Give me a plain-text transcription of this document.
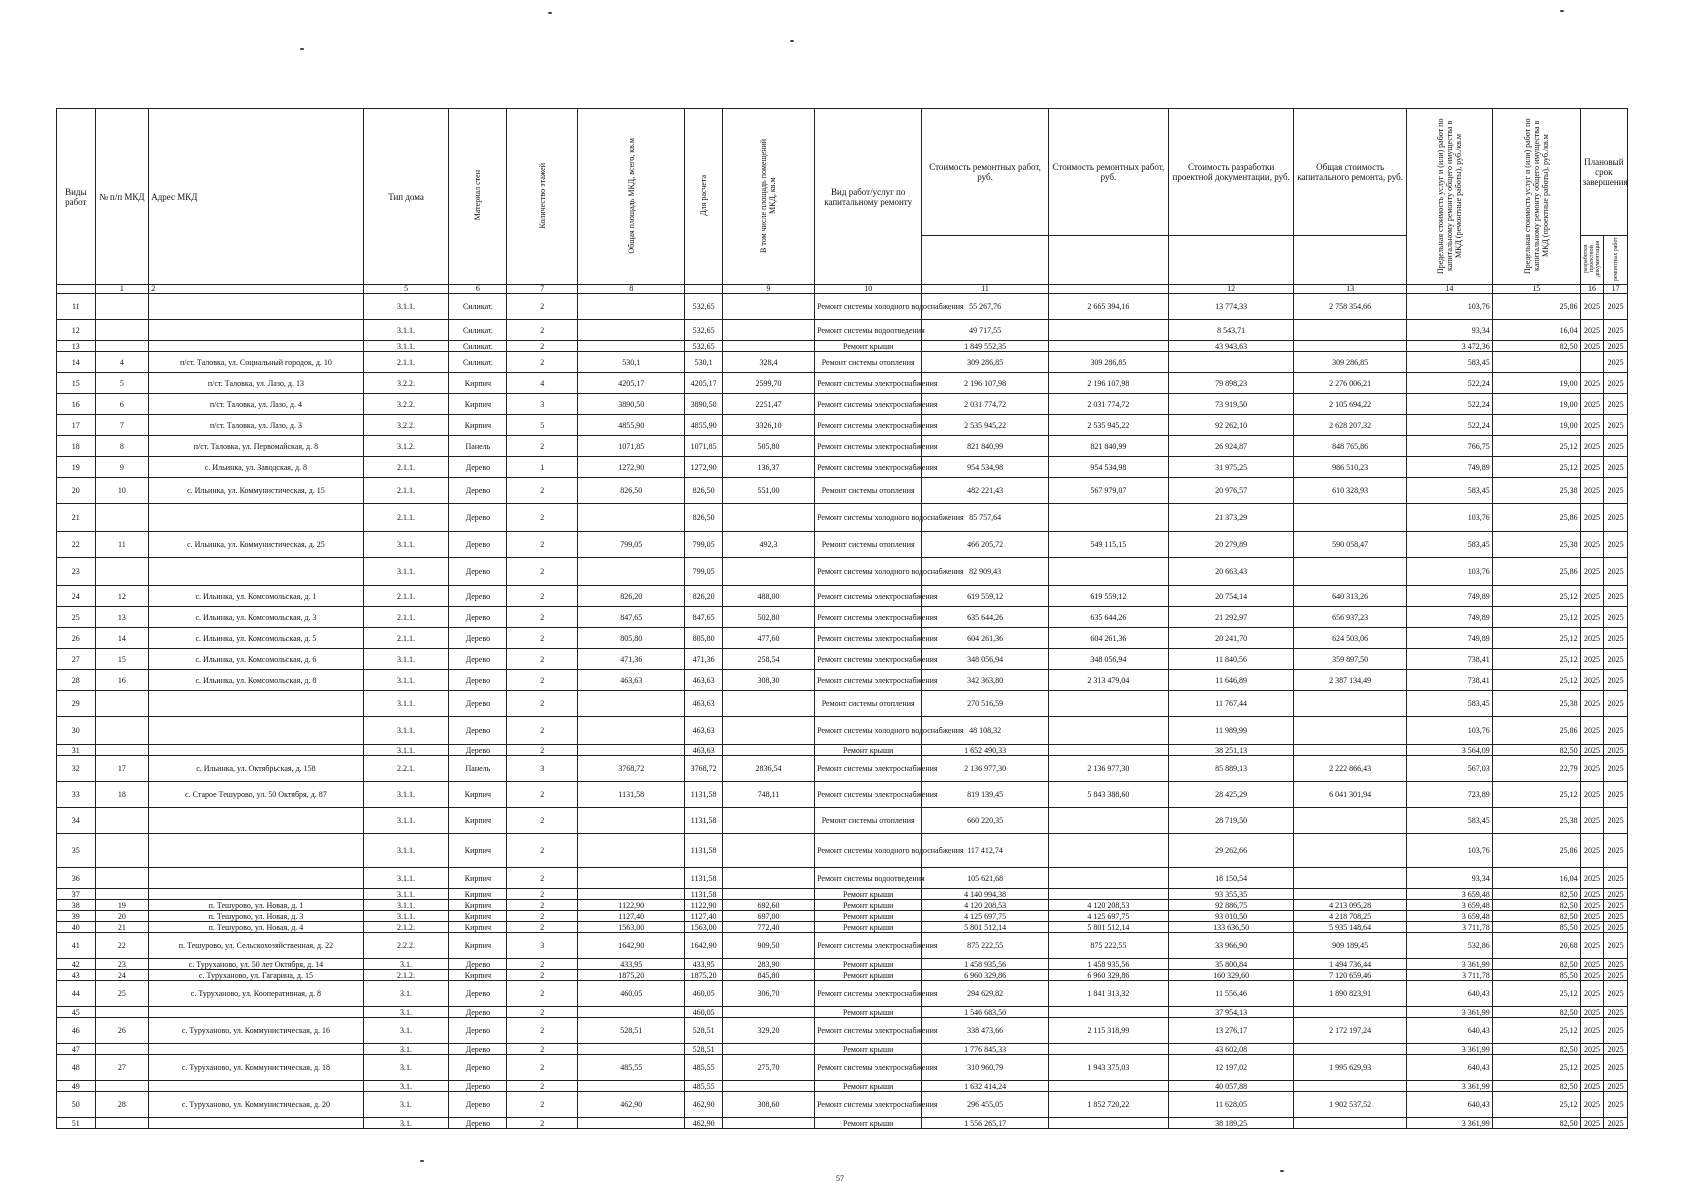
Виды работ	№ п/п МКД	Адрес МКД	Тип дома	Материал стен	Количество этажей	Общая площадь МКД, всего, кв.м	Для расчета	В том числе площадь помещений МКД, кв.м	Вид работ/услуг по капитальному ремонту	Стоимость ремонтных работ, руб.	Стоимость ремонтных работ, руб.	Стоимость разработки проектной документации, руб.	Общая стоимость капитального ремонта, руб.	Предельная стоимость услуг и (или) работ по капитальному ремонту общего имущества в МКД (ремонтные работы), руб./кв.м	Предельная стоимость услуг и (или) работ по капитальному ремонту общего имущества в МКД (проектные работы), руб./кв.м	Плановый срок завершения	
																разработки проектной документации	ремонтных работ
	1	2	5	6	7	8		9	10	11		12	13	14	15	16	17
11			3.1.1.	Силикат.	2		532,65		Ремонт системы холодного водоснабжения	55 267,76	2 665 394,16	13 774,33	2 758 354,66	103,76	25,86	2025	2025
12			3.1.1.	Силикат.	2		532,65		Ремонт системы водоотведения	49 717,55		8 543,71		93,34	16,04	2025	2025
13			3.1.1.	Силикат.	2		532,65		Ремонт крыши	1 849 552,35		43 943,63		3 472,36	82,50	2025	2025
14	4	п/ст. Таловка, ул. Социальный городок, д. 10	2.1.1.	Силикат.	2	530,1	530,1	328,4	Ремонт системы отопления	309 286,85	309 286,85		309 286,85	583,45			2025
15	5	п/ст. Таловка, ул. Лазо, д. 13	3.2.2.	Кирпич	4	4205,17	4205,17	2599,70	Ремонт системы электроснабжения	2 196 107,98	2 196 107,98	79 898,23	2 276 006,21	522,24	19,00	2025	2025
16	6	п/ст. Таловка, ул. Лазо, д. 4	3.2.2.	Кирпич	3	3890,50	3890,50	2251,47	Ремонт системы электроснабжения	2 031 774,72	2 031 774,72	73 919,50	2 105 694,22	522,24	19,00	2025	2025
17	7	п/ст. Таловка, ул. Лазо, д. 3	3.2.2.	Кирпич	5	4855,90	4855,90	3326,10	Ремонт системы электроснабжения	2 535 945,22	2 535 945,22	92 262,10	2 628 207,32	522,24	19,00	2025	2025
18	8	п/ст. Таловка, ул. Первомайская, д. 8	3.1.2.	Панель	2	1071,85	1071,85	505,80	Ремонт системы электроснабжения	821 840,99	821 840,99	26 924,87	848 765,86	766,75	25,12	2025	2025
19	9	с. Ильинка, ул. Заводская, д. 8	2.1.1.	Дерево	1	1272,90	1272,90	136,37	Ремонт системы электроснабжения	954 534,98	954 534,98	31 975,25	986 510,23	749,89	25,12	2025	2025
20	10	с. Ильинка, ул. Коммунистическая, д. 15	2.1.1.	Дерево	2	826,50	826,50	551,00	Ремонт системы отопления	482 221,43	567 979,07	20 976,57	610 328,93	583,45	25,38	2025	2025
21			2.1.1.	Дерево	2		826,50		Ремонт системы холодного водоснабжения	85 757,64		21 373,29		103,76	25,86	2025	2025
22	11	с. Ильинка, ул. Коммунистическая, д. 25	3.1.1.	Дерево	2	799,05	799,05	492,3	Ремонт системы отопления	466 205,72	549 115,15	20 279,89	590 058,47	583,45	25,38	2025	2025
23			3.1.1.	Дерево	2		799,05		Ремонт системы холодного водоснабжения	82 909,43		20 663,43		103,76	25,86	2025	2025
24	12	с. Ильинка, ул. Комсомольская, д. 1	2.1.1.	Дерево	2	826,20	826,20	488,00	Ремонт системы электроснабжения	619 559,12	619 559,12	20 754,14	640 313,26	749,89	25,12	2025	2025
25	13	с. Ильинка, ул. Комсомольская, д. 3	2.1.1.	Дерево	2	847,65	847,65	502,80	Ремонт системы электроснабжения	635 644,26	635 644,26	21 292,97	656 937,23	749,89	25,12	2025	2025
26	14	с. Ильинка, ул. Комсомольская, д. 5	2.1.1.	Дерево	2	805,80	805,80	477,60	Ремонт системы электроснабжения	604 261,36	604 261,36	20 241,70	624 503,06	749,89	25,12	2025	2025
27	15	с. Ильинка, ул. Комсомольская, д. 6	3.1.1.	Дерево	2	471,36	471,36	258,54	Ремонт системы электроснабжения	348 056,94	348 056,94	11 840,56	359 897,50	738,41	25,12	2025	2025
28	16	с. Ильинка, ул. Комсомольская, д. 8	3.1.1.	Дерево	2	463,63	463,63	308,30	Ремонт системы электроснабжения	342 363,80	2 313 479,04	11 646,89	2 387 134,49	738,41	25,12	2025	2025
29			3.1.1.	Дерево	2		463,63		Ремонт системы отопления	270 516,59		11 767,44		583,45	25,38	2025	2025
30			3.1.1.	Дерево	2		463,63		Ремонт системы холодного водоснабжения	48 108,32		11 989,99		103,76	25,86	2025	2025
31			3.1.1.	Дерево	2		463,63		Ремонт крыши	1 652 490,33		38 251,13		3 564,09	82,50	2025	2025
32	17	с. Ильинка, ул. Октябрьская, д. 158	2.2.1.	Панель	3	3768,72	3768,72	2836,54	Ремонт системы электроснабжения	2 136 977,30	2 136 977,30	85 889,13	2 222 866,43	567,03	22,79	2025	2025
33	18	с. Старое Тешурово, ул. 50 Октября, д. 87	3.1.1.	Кирпич	2	1131,58	1131,58	748,11	Ремонт системы электроснабжения	819 139,45	5 843 388,60	28 425,29	6 041 301,94	723,89	25,12	2025	2025
34			3.1.1.	Кирпич	2		1131,58		Ремонт системы отопления	660 220,35		28 719,50		583,45	25,38	2025	2025
35			3.1.1.	Кирпич	2		1131,58		Ремонт системы холодного водоснабжения	117 412,74		29 262,66		103,76	25,86	2025	2025
36			3.1.1.	Кирпич	2		1131,58		Ремонт системы водоотведения	105 621,68		18 150,54		93,34	16,04	2025	2025
37			3.1.1.	Кирпич	2		1131,58		Ремонт крыши	4 140 994,38		93 355,35		3 659,48	82,50	2025	2025
38	19	п. Тешурово, ул. Новая, д. 1	3.1.1.	Кирпич	2	1122,90	1122,90	692,60	Ремонт крыши	4 120 208,53	4 120 208,53	92 886,75	4 213 095,28	3 659,48	82,50	2025	2025
39	20	п. Тешурово, ул. Новая, д. 3	3.1.1.	Кирпич	2	1127,40	1127,40	697,00	Ремонт крыши	4 125 697,75	4 125 697,75	93 010,50	4 218 708,25	3 659,48	82,50	2025	2025
40	21	п. Тешурово, ул. Новая, д. 4	2.1.2.	Кирпич	2	1563,00	1563,00	772,40	Ремонт крыши	5 801 512,14	5 801 512,14	133 636,50	5 935 148,64	3 711,78	85,50	2025	2025
41	22	п. Тешурово, ул. Сельскохозяйственная, д. 22	2.2.2.	Кирпич	3	1642,90	1642,90	909,50	Ремонт системы электроснабжения	875 222,55	875 222,55	33 966,90	909 189,45	532,86	20,68	2025	2025
42	23	с. Туруханово, ул. 50 лет Октября, д. 14	3.1.	Дерево	2	433,95	433,95	283,90	Ремонт крыши	1 458 935,56	1 458 935,56	35 800,84	1 494 736,44	3 361,99	82,50	2025	2025
43	24	с. Туруханово, ул. Гагарина, д. 15	2.1.2.	Кирпич	2	1875,20	1875,20	845,80	Ремонт крыши	6 960 329,86	6 960 329,86	160 329,60	7 120 659,46	3 711,78	85,50	2025	2025
44	25	с. Туруханово, ул. Кооперативная, д. 8	3.1.	Дерево	2	460,05	460,05	306,70	Ремонт системы электроснабжения	294 629,82	1 841 313,32	11 556,46	1 890 823,91	640,43	25,12	2025	2025
45			3.1.	Дерево	2		460,05		Ремонт крыши	1 546 683,50		37 954,13		3 361,99	82,50	2025	2025
46	26	с. Туруханово, ул. Коммунистическая, д. 16	3.1.	Дерево	2	528,51	528,51	329,20	Ремонт системы электроснабжения	338 473,66	2 115 318,99	13 276,17	2 172 197,24	640,43	25,12	2025	2025
47			3.1.	Дерево	2		528,51		Ремонт крыши	1 776 845,33		43 602,08		3 361,99	82,50	2025	2025
48	27	с. Туруханово, ул. Коммунистическая, д. 18	3.1.	Дерево	2	485,55	485,55	275,70	Ремонт системы электроснабжения	310 960,79	1 943 375,03	12 197,02	1 995 629,93	640,43	25,12	2025	2025
49			3.1.	Дерево	2		485,55		Ремонт крыши	1 632 414,24		40 057,88		3 361,99	82,50	2025	2025
50	28	с. Туруханово, ул. Коммунистическая, д. 20	3.1.	Дерево	2	462,90	462,90	308,60	Ремонт системы электроснабжения	296 455,05	1 852 720,22	11 628,05	1 902 537,52	640,43	25,12	2025	2025
51			3.1.	Дерево	2		462,90		Ремонт крыши	1 556 265,17		38 189,25		3 361,99	82,50	2025	2025
57
